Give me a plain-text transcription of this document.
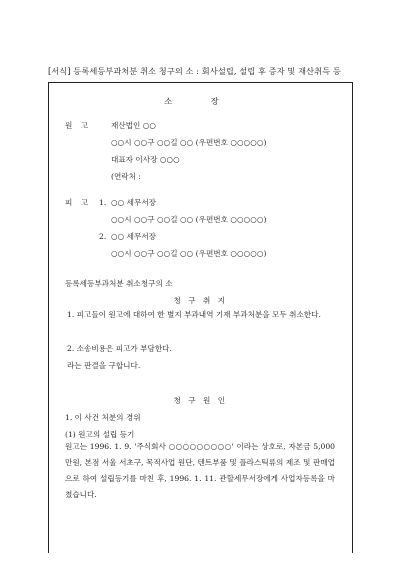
[서식] 등록세등부과처분 취소 청구의 소 : 회사설립, 설립 후 증자 및 재산취득 등
소 장
원 고	재산법인 ○○
○○시 ○○구 ○○길 ○○ (우편번호 ○○○○○)
대표자 이사장 ○○○
(연락처 :
피 고 1. ○○ 세무서장
○○시 ○○구 ○○길 ○○ (우편번호 ○○○○○)
2. ○○ 세무서장
○○시 ○○구 ○○길 ○○ (우편번호 ○○○○○)
등록세등부과처분 취소청구의 소
청 구 취 지
1. 피고들이 원고에 대하여 한 별지 부과내역 기재 부과처분을 모두 취소한다.
2. 소송비용은 피고가 부담한다.
라는 판결을 구합니다.
청 구 원 인
1. 이 사건 처분의 경위
(1) 원고의 설립 등기
원고는 1996. 1. 9. '주식회사 ○○○○○○○○○' 이라는 상호로, 자본금 5,000만원, 본점 서울 서초구, 목적사업 원단, 텐트부품 및 플라스틱류의 제조 및 판매업으로 하여 설립등기를 마친 후, 1996. 1. 11. 관할세무서장에게 사업자등록을 마쳤습니다.
